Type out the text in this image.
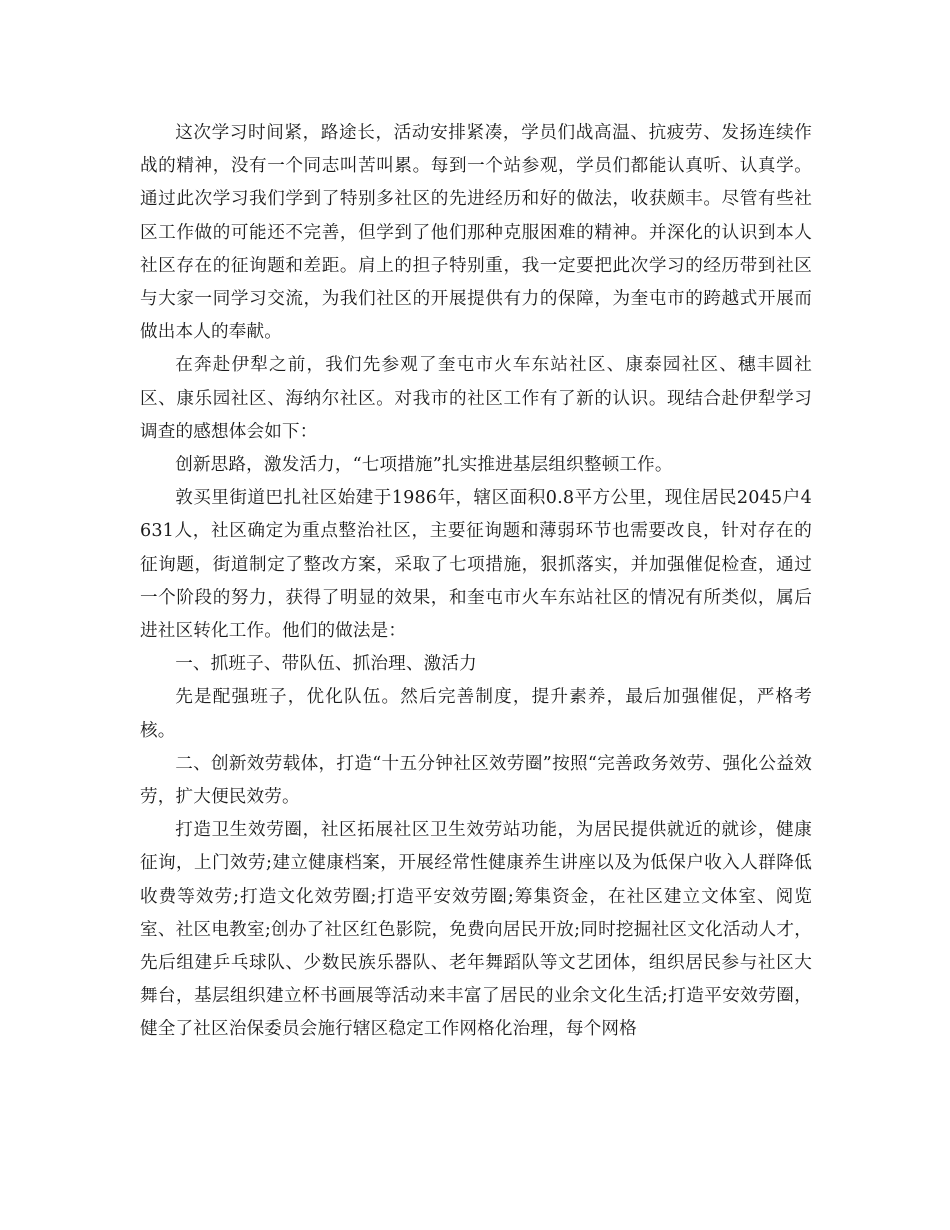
这次学习时间紧，路途长，活动安排紧凑，学员们战高温、抗疲劳、发扬连续作战的精神，没有一个同志叫苦叫累。每到一个站参观，学员们都能认真听、认真学。通过此次学习我们学到了特别多社区的先进经历和好的做法，收获颇丰。尽管有些社区工作做的可能还不完善，但学到了他们那种克服困难的精神。并深化的认识到本人社区存在的征询题和差距。肩上的担子特别重，我一定要把此次学习的经历带到社区与大家一同学习交流，为我们社区的开展提供有力的保障，为奎屯市的跨越式开展而做出本人的奉献。

在奔赴伊犁之前，我们先参观了奎屯市火车东站社区、康泰园社区、穗丰圆社区、康乐园社区、海纳尔社区。对我市的社区工作有了新的认识。现结合赴伊犁学习调查的感想体会如下：

创新思路，激发活力，“七项措施”扎实推进基层组织整顿工作。

敦买里街道巴扎社区始建于1986年，辖区面积0.8平方公里，现住居民2045户4631人，社区确定为重点整治社区，主要征询题和薄弱环节也需要改良，针对存在的征询题，街道制定了整改方案，采取了七项措施，狠抓落实，并加强催促检查，通过一个阶段的努力，获得了明显的效果，和奎屯市火车东站社区的情况有所类似，属后进社区转化工作。他们的做法是：

一、抓班子、带队伍、抓治理、激活力

先是配强班子，优化队伍。然后完善制度，提升素养，最后加强催促，严格考核。

二、创新效劳载体，打造“十五分钟社区效劳圈”按照“完善政务效劳、强化公益效劳，扩大便民效劳。

打造卫生效劳圈，社区拓展社区卫生效劳站功能，为居民提供就近的就诊，健康征询，上门效劳;建立健康档案，开展经常性健康养生讲座以及为低保户收入人群降低收费等效劳;打造文化效劳圈;打造平安效劳圈;筹集资金，在社区建立文体室、阅览室、社区电教室;创办了社区红色影院，免费向居民开放;同时挖掘社区文化活动人才，先后组建乒乓球队、少数民族乐器队、老年舞蹈队等文艺团体，组织居民参与社区大舞台，基层组织建立杯书画展等活动来丰富了居民的业余文化生活;打造平安效劳圈，健全了社区治保委员会施行辖区稳定工作网格化治理，每个网格
